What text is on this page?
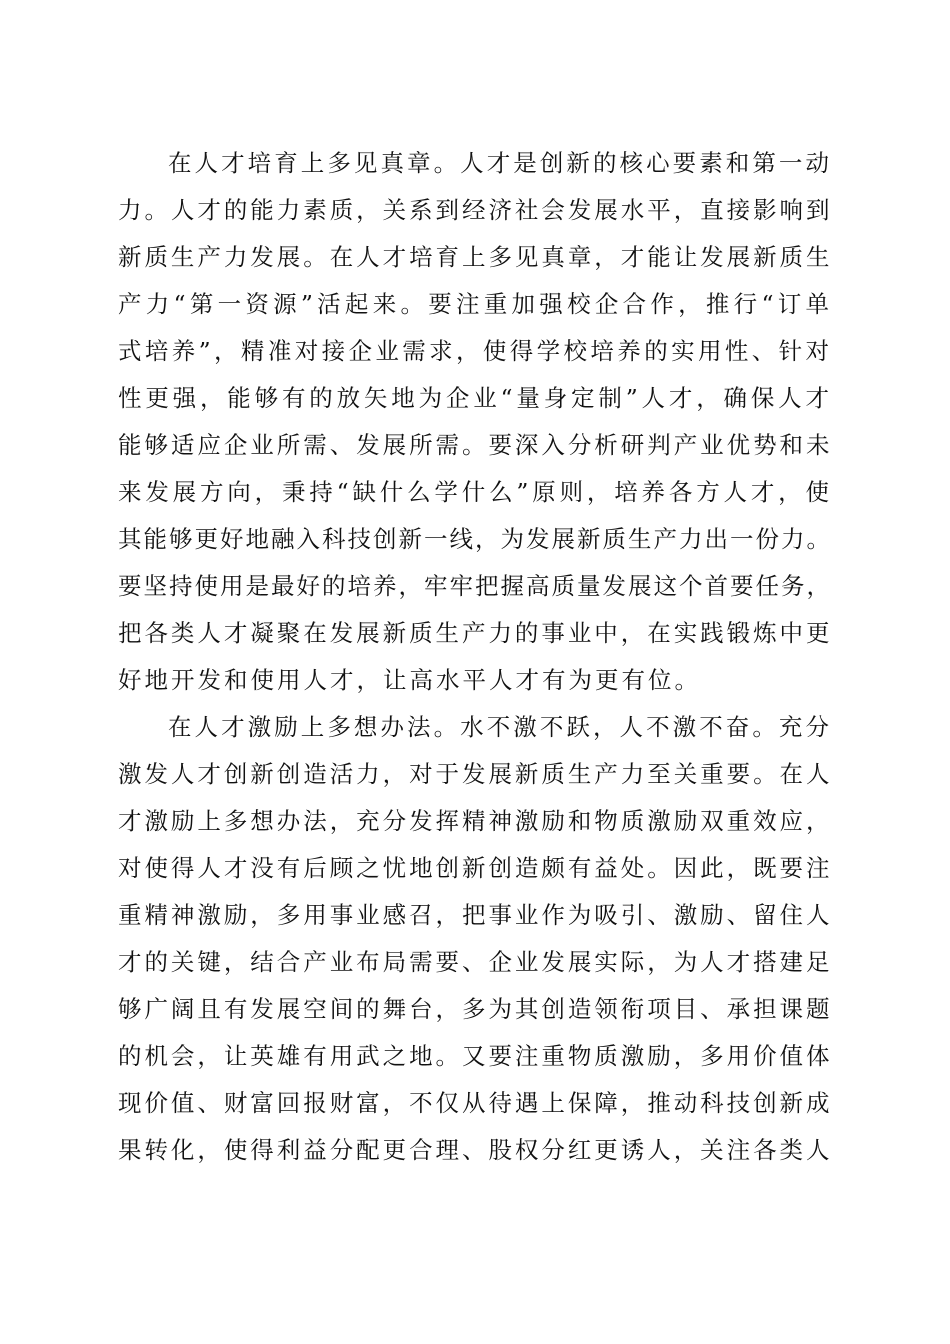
在人才培育上多见真章。人才是创新的核心要素和第一动
力。人才的能力素质，关系到经济社会发展水平，直接影响到
新质生产力发展。在人才培育上多见真章，才能让发展新质生
产力“第一资源”活起来。要注重加强校企合作，推行“订单
式培养”，精准对接企业需求，使得学校培养的实用性、针对
性更强，能够有的放矢地为企业“量身定制”人才，确保人才
能够适应企业所需、发展所需。要深入分析研判产业优势和未
来发展方向，秉持“缺什么学什么”原则，培养各方人才，使
其能够更好地融入科技创新一线，为发展新质生产力出一份力。
要坚持使用是最好的培养，牢牢把握高质量发展这个首要任务，
把各类人才凝聚在发展新质生产力的事业中，在实践锻炼中更
好地开发和使用人才，让高水平人才有为更有位。
在人才激励上多想办法。水不激不跃，人不激不奋。充分
激发人才创新创造活力，对于发展新质生产力至关重要。在人
才激励上多想办法，充分发挥精神激励和物质激励双重效应，
对使得人才没有后顾之忧地创新创造颇有益处。因此，既要注
重精神激励，多用事业感召，把事业作为吸引、激励、留住人
才的关键，结合产业布局需要、企业发展实际，为人才搭建足
够广阔且有发展空间的舞台，多为其创造领衔项目、承担课题
的机会，让英雄有用武之地。又要注重物质激励，多用价值体
现价值、财富回报财富，不仅从待遇上保障，推动科技创新成
果转化，使得利益分配更合理、股权分红更诱人，关注各类人
